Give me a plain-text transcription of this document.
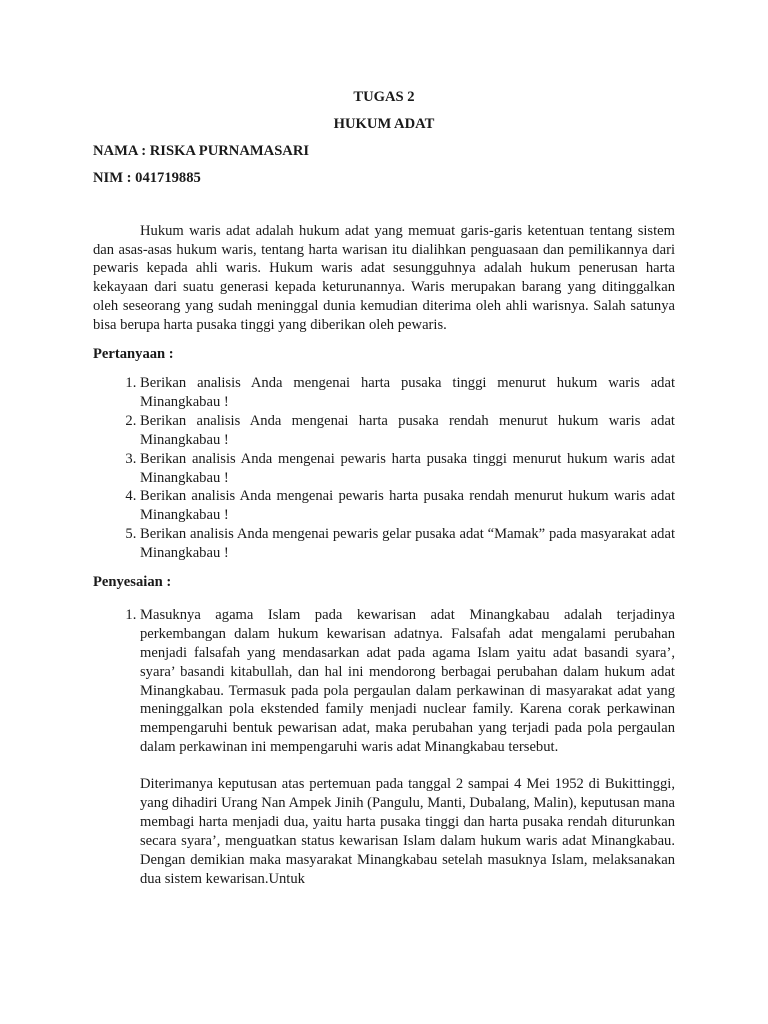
TUGAS 2

HUKUM ADAT

NAMA : RISKA PURNAMASARI

NIM : 041719885

Hukum waris adat adalah hukum adat yang memuat garis-garis ketentuan tentang sistem dan asas-asas hukum waris, tentang harta warisan itu dialihkan penguasaan dan pemilikannya dari pewaris kepada ahli waris. Hukum waris adat sesungguhnya adalah hukum penerusan harta kekayaan dari suatu generasi kepada keturunannya. Waris merupakan barang yang ditinggalkan oleh seseorang yang sudah meninggal dunia kemudian diterima oleh ahli warisnya. Salah satunya bisa berupa harta pusaka tinggi yang diberikan oleh pewaris.

Pertanyaan :

1. Berikan analisis Anda mengenai harta pusaka tinggi menurut hukum waris adat Minangkabau !
2. Berikan analisis Anda mengenai harta pusaka rendah menurut hukum waris adat Minangkabau !
3. Berikan analisis Anda mengenai pewaris harta pusaka tinggi menurut hukum waris adat Minangkabau !
4. Berikan analisis Anda mengenai pewaris harta pusaka rendah menurut hukum waris adat Minangkabau !
5. Berikan analisis Anda mengenai pewaris gelar pusaka adat “Mamak” pada masyarakat adat Minangkabau !

Penyesaian :

1. Masuknya agama Islam pada kewarisan adat Minangkabau adalah terjadinya perkembangan dalam hukum kewarisan adatnya. Falsafah adat mengalami perubahan menjadi falsafah yang mendasarkan adat pada agama Islam yaitu adat basandi syara’, syara’ basandi kitabullah, dan hal ini mendorong berbagai perubahan dalam hukum adat Minangkabau. Termasuk pada pola pergaulan dalam perkawinan di masyarakat adat yang meninggalkan pola ekstended family menjadi nuclear family. Karena corak perkawinan mempengaruhi bentuk pewarisan adat, maka perubahan yang terjadi pada pola pergaulan dalam perkawinan ini mempengaruhi waris adat Minangkabau tersebut.

Diterimanya keputusan atas pertemuan pada tanggal 2 sampai 4 Mei 1952 di Bukittinggi, yang dihadiri Urang Nan Ampek Jinih (Pangulu, Manti, Dubalang, Malin), keputusan mana membagi harta menjadi dua, yaitu harta pusaka tinggi dan harta pusaka rendah diturunkan secara syara’, menguatkan status kewarisan Islam dalam hukum waris adat Minangkabau. Dengan demikian maka masyarakat Minangkabau setelah masuknya Islam, melaksanakan dua sistem kewarisan.Untuk
